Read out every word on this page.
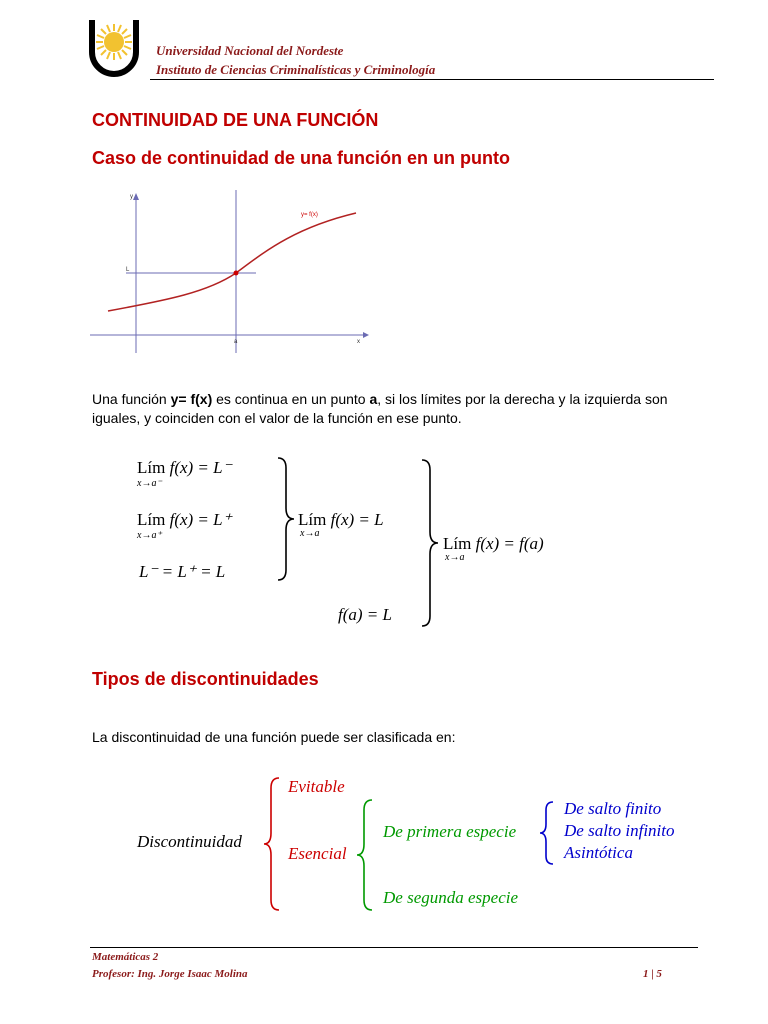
Universidad Nacional del Nordeste
Instituto de Ciencias Criminalísticas y Criminología
CONTINUIDAD DE UNA FUNCIÓN
Caso de continuidad de una función en un punto
y= f(x)
y
x
L
a
Una función y= f(x) es continua en un punto a, si los límites por la derecha y la izquierda son iguales, y coinciden con el valor de la función en ese punto.
Lím f(x) = L⁻
x→a⁻
Lím f(x) = L⁺
x→a⁺
L⁻ = L⁺ = L
Lím f(x) = L
x→a
f(a) = L
Lím f(x) = f(a)
x→a
Tipos de discontinuidades
La discontinuidad de una función puede ser clasificada en:
Discontinuidad
Evitable
Esencial
De primera especie
De segunda especie
De salto finito
De salto infinito
Asintótica
Matemáticas 2
Profesor: Ing. Jorge Isaac Molina	1 | 5
